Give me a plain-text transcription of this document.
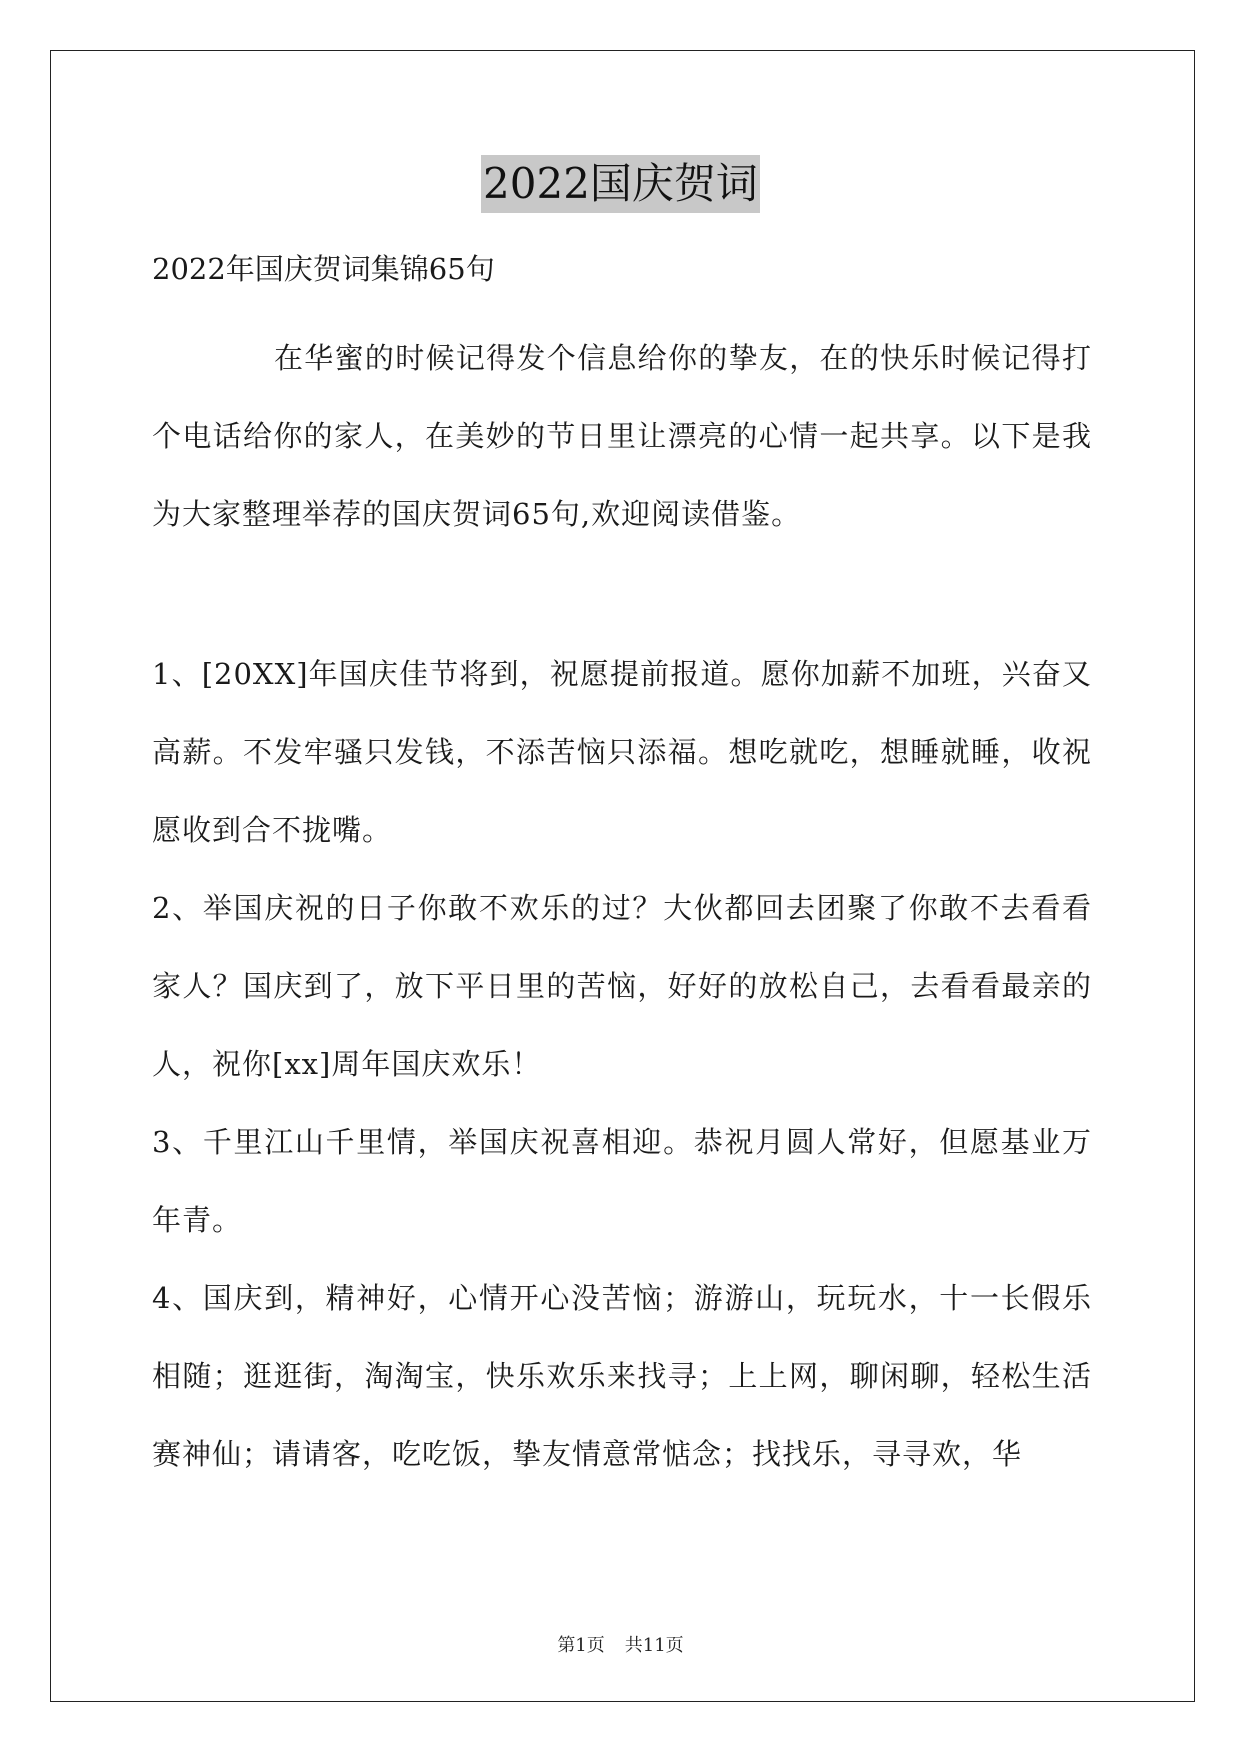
2022国庆贺词

2022年国庆贺词集锦65句

在华蜜的时候记得发个信息给你的挚友，在的快乐时候记得打个电话给你的家人，在美妙的节日里让漂亮的心情一起共享。以下是我为大家整理举荐的国庆贺词65句,欢迎阅读借鉴。

1、[20XX]年国庆佳节将到，祝愿提前报道。愿你加薪不加班，兴奋又高薪。不发牢骚只发钱，不添苦恼只添福。想吃就吃，想睡就睡，收祝愿收到合不拢嘴。

2、举国庆祝的日子你敢不欢乐的过？大伙都回去团聚了你敢不去看看家人？国庆到了，放下平日里的苦恼，好好的放松自己，去看看最亲的人，祝你[xx]周年国庆欢乐！

3、千里江山千里情，举国庆祝喜相迎。恭祝月圆人常好，但愿基业万年青。

4、国庆到，精神好，心情开心没苦恼；游游山，玩玩水，十一长假乐相随；逛逛街，淘淘宝，快乐欢乐来找寻；上上网，聊闲聊，轻松生活赛神仙；请请客，吃吃饭，挚友情意常惦念；找找乐，寻寻欢，华

第1页 共11页
